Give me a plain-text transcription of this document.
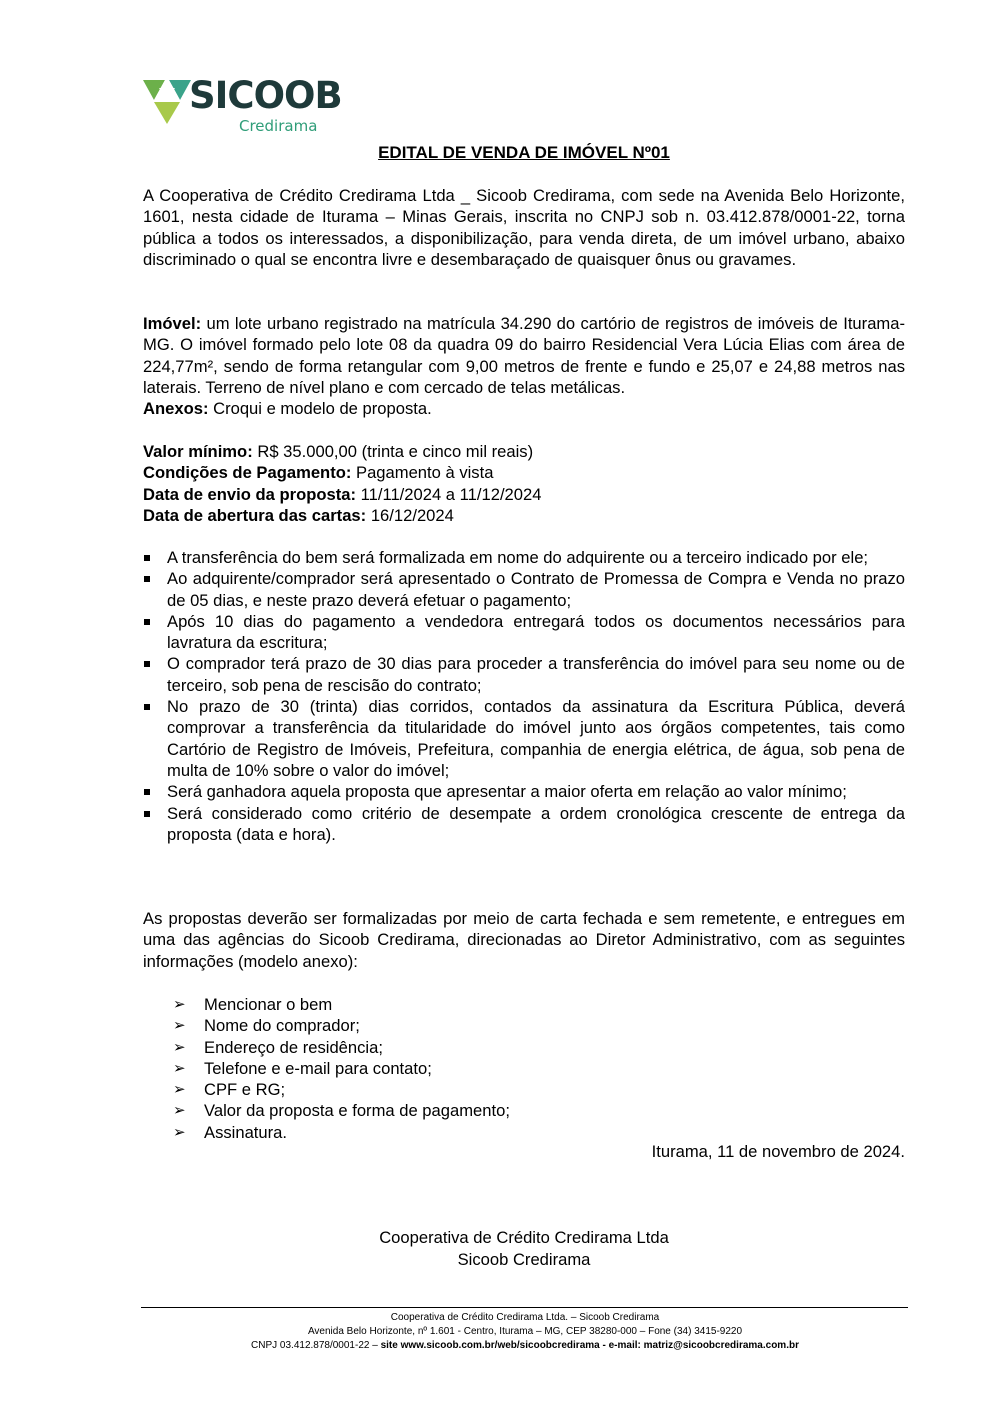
SICOOB
Credirama
EDITAL DE VENDA DE IMÓVEL Nº01
A Cooperativa de Crédito Credirama Ltda _ Sicoob Credirama, com sede na Avenida Belo Horizonte, 1601, nesta cidade de Iturama – Minas Gerais, inscrita no CNPJ sob n. 03.412.878/0001-22, torna pública a todos os interessados, a disponibilização, para venda direta, de um imóvel urbano, abaixo discriminado o qual se encontra livre e desembaraçado de quaisquer ônus ou gravames.
Imóvel: um lote urbano registrado na matrícula 34.290 do cartório de registros de imóveis de Iturama-MG. O imóvel formado pelo lote 08 da quadra 09 do bairro Residencial Vera Lúcia Elias com área de 224,77m², sendo de forma retangular com 9,00 metros de frente e fundo e 25,07 e 24,88 metros nas laterais. Terreno de nível plano e com cercado de telas metálicas.
Anexos: Croqui e modelo de proposta.
Valor mínimo: R$ 35.000,00 (trinta e cinco mil reais)
Condições de Pagamento: Pagamento à vista
Data de envio da proposta: 11/11/2024 a 11/12/2024
Data de abertura das cartas: 16/12/2024
A transferência do bem será formalizada em nome do adquirente ou a terceiro indicado por ele;
Ao adquirente/comprador será apresentado o Contrato de Promessa de Compra e Venda no prazo de 05 dias, e neste prazo deverá efetuar o pagamento;
Após 10 dias do pagamento a vendedora entregará todos os documentos necessários para lavratura da escritura;
O comprador terá prazo de 30 dias para proceder a transferência do imóvel para seu nome ou de terceiro, sob pena de rescisão do contrato;
No prazo de 30 (trinta) dias corridos, contados da assinatura da Escritura Pública, deverá comprovar a transferência da titularidade do imóvel junto aos órgãos competentes, tais como Cartório de Registro de Imóveis, Prefeitura, companhia de energia elétrica, de água, sob pena de multa de 10% sobre o valor do imóvel;
Será ganhadora aquela proposta que apresentar a maior oferta em relação ao valor mínimo;
Será considerado como critério de desempate a ordem cronológica crescente de entrega da proposta (data e hora).
As propostas deverão ser formalizadas por meio de carta fechada e sem remetente, e entregues em uma das agências do Sicoob Credirama, direcionadas ao Diretor Administrativo, com as seguintes informações (modelo anexo):
➢ Mencionar o bem
➢ Nome do comprador;
➢ Endereço de residência;
➢ Telefone e e-mail para contato;
➢ CPF e RG;
➢ Valor da proposta e forma de pagamento;
➢ Assinatura.
Iturama, 11 de novembro de 2024.
Cooperativa de Crédito Credirama Ltda
Sicoob Credirama
Cooperativa de Crédito Credirama Ltda. – Sicoob Credirama
Avenida Belo Horizonte, nº 1.601 - Centro, Iturama – MG, CEP 38280-000 – Fone (34) 3415-9220
CNPJ 03.412.878/0001-22 – site www.sicoob.com.br/web/sicoobcredirama - e-mail: matriz@sicoobcredirama.com.br
